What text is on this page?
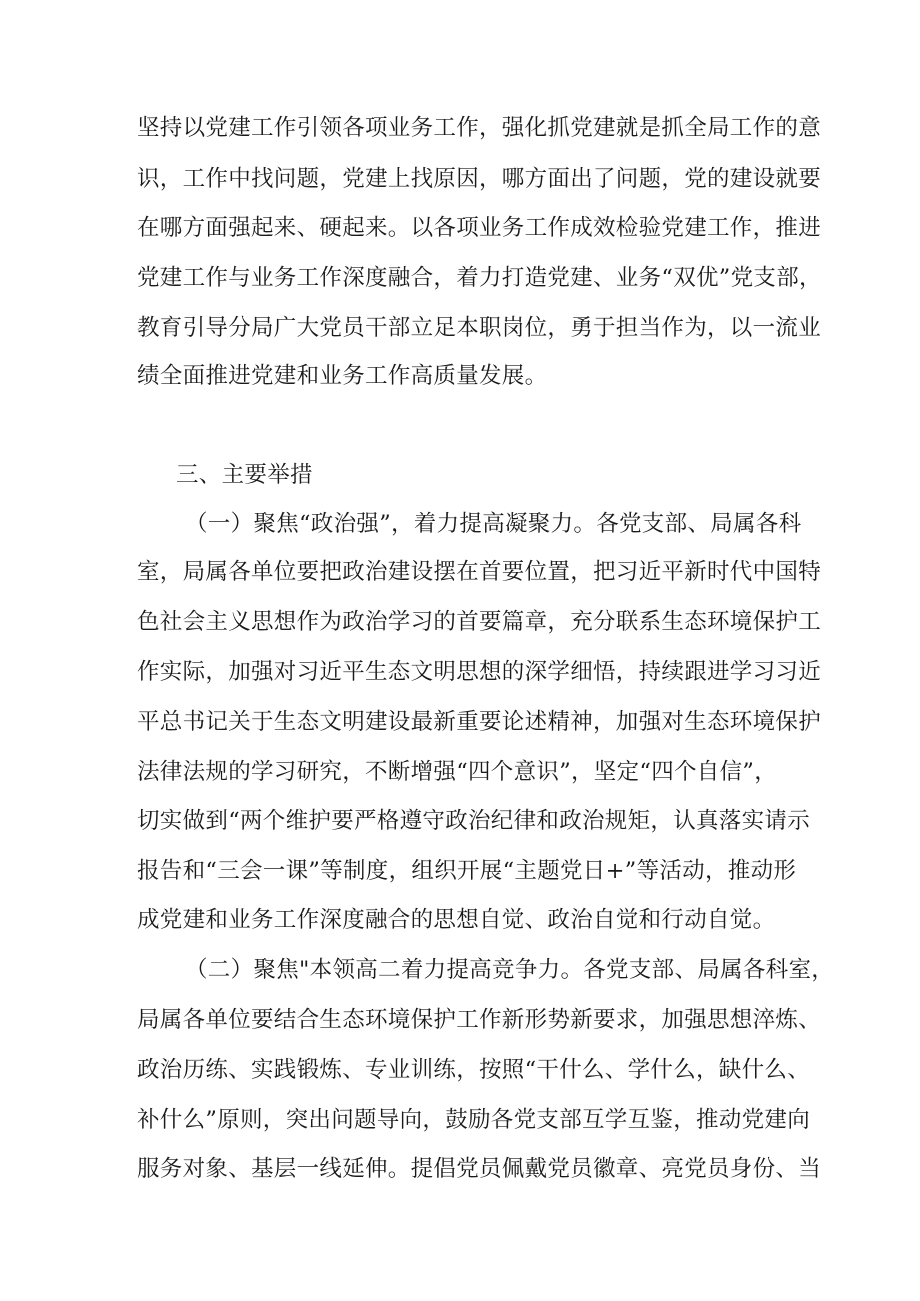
坚持以党建工作引领各项业务工作，强化抓党建就是抓全局工作的意
识，工作中找问题，党建上找原因，哪方面出了问题，党的建设就要
在哪方面强起来、硬起来。以各项业务工作成效检验党建工作，推进
党建工作与业务工作深度融合，着力打造党建、业务“双优”党支部，
教育引导分局广大党员干部立足本职岗位，勇于担当作为，以一流业
绩全面推进党建和业务工作高质量发展。
三、主要举措
（一）聚焦“政治强”，着力提高凝聚力。各党支部、局属各科
室，局属各单位要把政治建设摆在首要位置，把习近平新时代中国特
色社会主义思想作为政治学习的首要篇章，充分联系生态环境保护工
作实际，加强对习近平生态文明思想的深学细悟，持续跟进学习习近
平总书记关于生态文明建设最新重要论述精神，加强对生态环境保护
法律法规的学习研究，不断增强“四个意识”，坚定“四个自信”，
切实做到“两个维护要严格遵守政治纪律和政治规矩，认真落实请示
报告和“三会一课”等制度，组织开展“主题党日+”等活动，推动形
成党建和业务工作深度融合的思想自觉、政治自觉和行动自觉。
（二）聚焦"本领高二着力提高竞争力。各党支部、局属各科室，
局属各单位要结合生态环境保护工作新形势新要求，加强思想淬炼、
政治历练、实践锻炼、专业训练，按照“干什么、学什么，缺什么、
补什么”原则，突出问题导向，鼓励各党支部互学互鉴，推动党建向
服务对象、基层一线延伸。提倡党员佩戴党员徽章、亮党员身份、当
